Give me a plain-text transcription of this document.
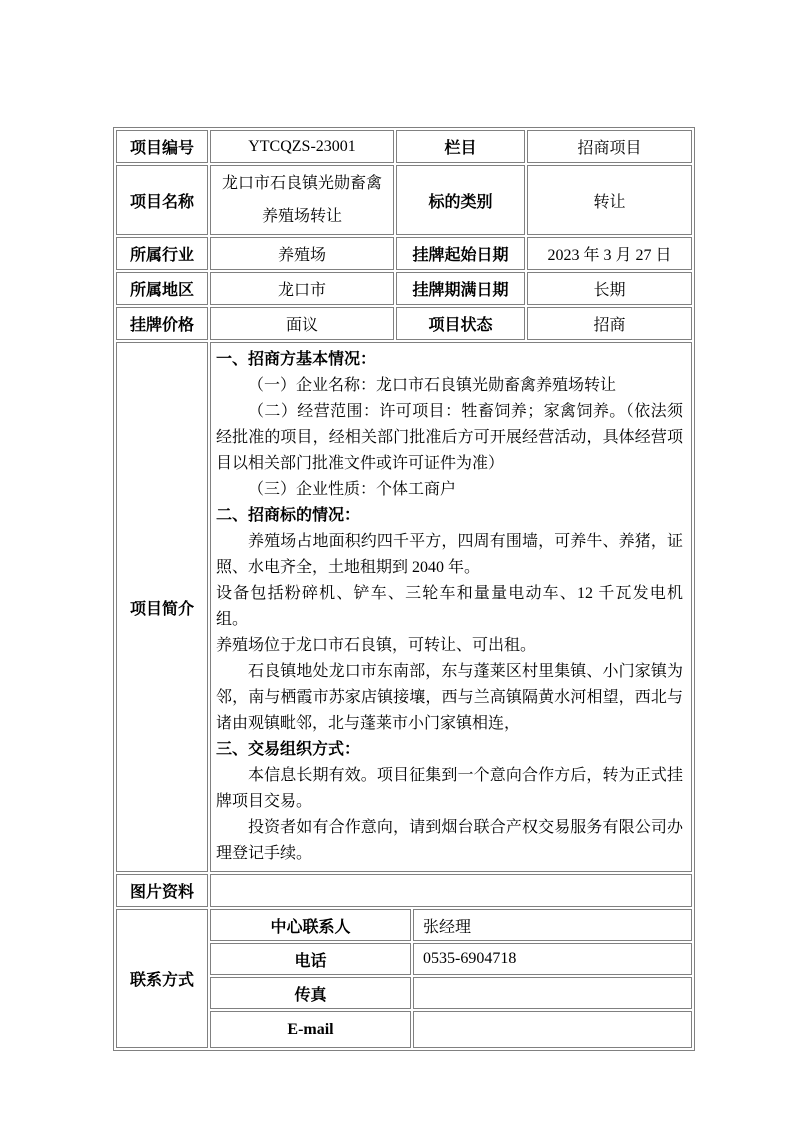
项目编号	YTCQZS-23001	栏目		招商项目
项目名称	龙口市石良镇光勋畜禽养殖场转让	标的类别		转让
所属行业	养殖场	挂牌起始日期		2023 年 3 月 27 日
所属地区	龙口市	挂牌期满日期		长期
挂牌价格	面议	项目状态		招商
项目简介	

一、招商方基本情况：

（一）企业名称：龙口市石良镇光勋畜禽养殖场转让

（二）经营范围：许可项目：牲畜饲养；家禽饲养。（依法须经批准的项目，经相关部门批准后方可开展经营活动，具体经营项目以相关部门批准文件或许可证件为准）

（三）企业性质：个体工商户

二、招商标的情况：

养殖场占地面积约四千平方，四周有围墙，可养牛、养猪，证照、水电齐全，土地租期到 2040 年。

设备包括粉碎机、铲车、三轮车和量量电动车、12 千瓦发电机组。

养殖场位于龙口市石良镇，可转让、可出租。

石良镇地处龙口市东南部，东与蓬莱区村里集镇、小门家镇为邻，南与栖霞市苏家店镇接壤，西与兰高镇隔黄水河相望，西北与诸由观镇毗邻，北与蓬莱市小门家镇相连，

三、交易组织方式：

本信息长期有效。项目征集到一个意向合作方后，转为正式挂牌项目交易。

投资者如有合作意向，请到烟台联合产权交易服务有限公司办理登记手续。

图片资料				
联系方式	中心联系人		张经理	
	电话		0535-6904718	
	传真			
	E-mail			
